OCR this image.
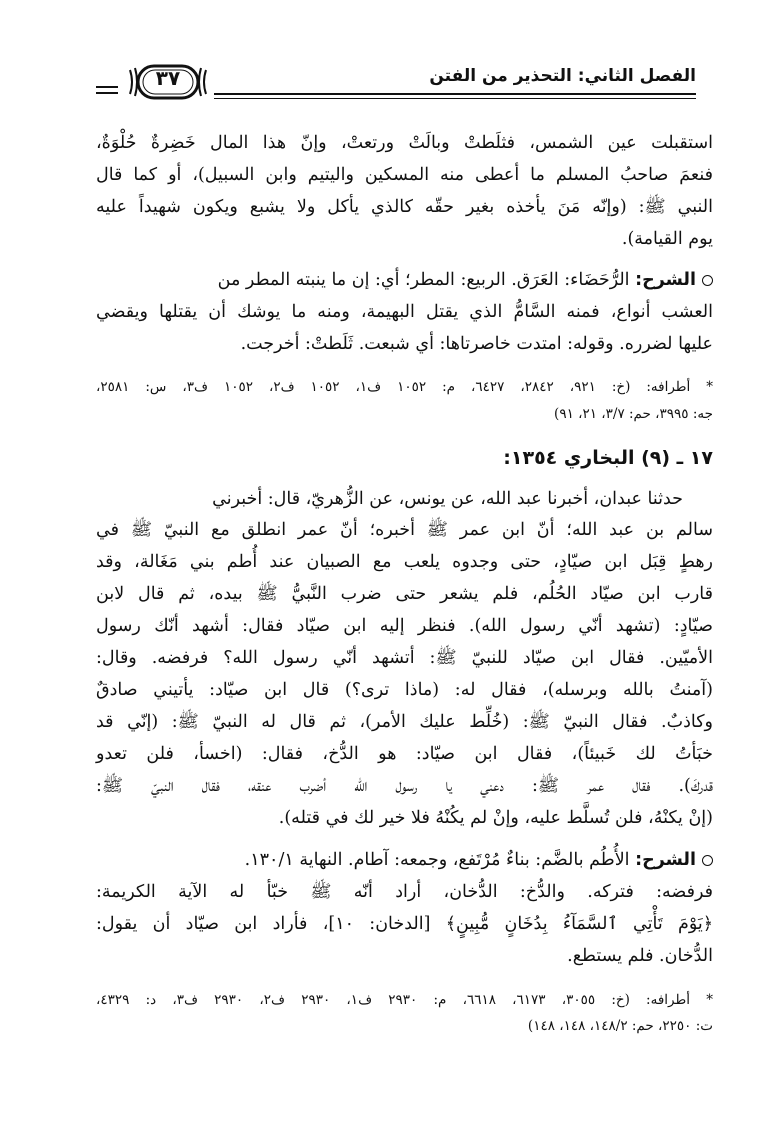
الفصل الثاني: التحذير من الفتن
٣٧
استقبلت عين الشمس، فثلَطتْ وبالَتْ ورتعتْ، وإنّ هذا المال خَضِرةٌ حُلْوَةٌ،
فنعمَ صاحبُ المسلم ما أعطى منه المسكين واليتيم وابن السبيل)، أو كما قال
النبي ﷺ: (وإنّه مَنَ يأخذه بغير حقّه كالذي يأكل ولا يشبع ويكون شهيداً عليه
يوم القيامة).
الشرح: الرُّحَضَاء: العَرَق. الربيع: المطر؛ أي: إن ما ينبته المطر من
العشب أنواع، فمنه السَّامُّ الذي يقتل البهيمة، ومنه ما يوشك أن يقتلها ويقضي
عليها لضرره. وقوله: امتدت خاصرتاها: أي شبعت. ثَلَطتْ: أخرجت.
* أطرافه: (خ: ٩٢١، ٢٨٤٢، ٦٤٢٧، م: ١٠٥٢ ف١، ١٠٥٢ ف٢، ١٠٥٢ ف٣، س: ٢٥٨١،
جه: ٣٩٩٥، حم: ٣/٧، ٢١، ٩١)
١٧ ـ (٩) البخاري ١٣٥٤:
حدثنا عبدان، أخبرنا عبد الله، عن يونس، عن الزُّهريّ، قال: أخبرني
سالم بن عبد الله؛ أنّ ابن عمر ﷺ أخبره؛ أنّ عمر انطلق مع النبيّ ﷺ في
رهطٍ قِبَل ابن صيّادٍ، حتى وجدوه يلعب مع الصبيان عند أُطم بني مَغَالة، وقد
قارب ابن صيّاد الحُلُم، فلم يشعر حتى ضرب النَّبيُّ ﷺ بيده، ثم قال لابن
صيّادٍ: (تشهد أنّي رسول الله). فنظر إليه ابن صيّاد فقال: أشهد أنّك رسول
الأميّين. فقال ابن صيّاد للنبيّ ﷺ: أتشهد أنّي رسول الله؟ فرفضه. وقال:
(آمنتُ بالله وبرسله)، فقال له: (ماذا ترى؟) قال ابن صيّاد: يأتيني صادقٌ
وكاذبٌ. فقال النبيّ ﷺ: (خُلِّط عليك الأمر)، ثم قال له النبيّ ﷺ: (إنّي قد
خبَأتُ لك خَبيئاً)، فقال ابن صيّاد: هو الدُّخ، فقال: (اخسأ، فلن تعدو
قدركَ). فقال عمر ﷺ: دعني يا رسول الله أضرب عنقه، فقال النبيّ ﷺ:
(إنْ يكنْهُ، فلن تُسلَّط عليه، وإنْ لم يكُنْهُ فلا خير لك في قتله).
الشرح: الأُطُم بالضَّم: بناءٌ مُرْتَفع، وجمعه: آطام. النهاية ١٣٠/١.
فرفضه: فتركه. والدُّخ: الدُّخان، أراد أنّه ﷺ خبّأ له الآية الكريمة:
﴿يَوْمَ تَأْتِي ٱلسَّمَآءُ بِدُخَانٍ مُّبِينٍ﴾ [الدخان: ١٠]، فأراد ابن صيّاد أن يقول:
الدُّخان. فلم يستطع.
* أطرافه: (خ: ٣٠٥٥، ٦١٧٣، ٦٦١٨، م: ٢٩٣٠ ف١، ٢٩٣٠ ف٢، ٢٩٣٠ ف٣، د: ٤٣٢٩،
ت: ٢٢٥٠، حم: ١٤٨/٢، ١٤٨، ١٤٨)
